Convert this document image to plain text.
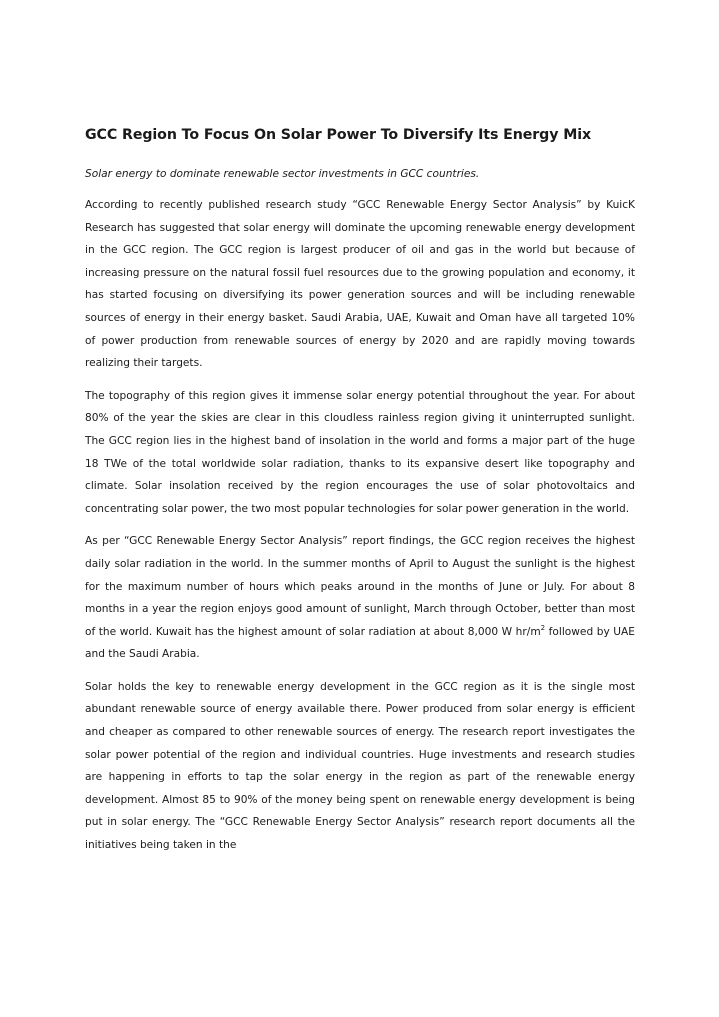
GCC Region To Focus On Solar Power To Diversify Its Energy Mix

Solar energy to dominate renewable sector investments in GCC countries.

According to recently published research study “GCC Renewable Energy Sector Analysis” by KuicK Research has suggested that solar energy will dominate the upcoming renewable energy development in the GCC region. The GCC region is largest producer of oil and gas in the world but because of increasing pressure on the natural fossil fuel resources due to the growing population and economy, it has started focusing on diversifying its power generation sources and will be including renewable sources of energy in their energy basket. Saudi Arabia, UAE, Kuwait and Oman have all targeted 10% of power production from renewable sources of energy by 2020 and are rapidly moving towards realizing their targets.

The topography of this region gives it immense solar energy potential throughout the year. For about 80% of the year the skies are clear in this cloudless rainless region giving it uninterrupted sunlight. The GCC region lies in the highest band of insolation in the world and forms a major part of the huge 18 TWe of the total worldwide solar radiation, thanks to its expansive desert like topography and climate. Solar insolation received by the region encourages the use of solar photovoltaics and concentrating solar power, the two most popular technologies for solar power generation in the world.

As per “GCC Renewable Energy Sector Analysis” report findings, the GCC region receives the highest daily solar radiation in the world. In the summer months of April to August the sunlight is the highest for the maximum number of hours which peaks around in the months of June or July. For about 8 months in a year the region enjoys good amount of sunlight, March through October, better than most of the world. Kuwait has the highest amount of solar radiation at about 8,000 W $hr/m^2$ followed by UAE and the Saudi Arabia.

Solar holds the key to renewable energy development in the GCC region as it is the single most abundant renewable source of energy available there. Power produced from solar energy is efficient and cheaper as compared to other renewable sources of energy. The research report investigates the solar power potential of the region and individual countries. Huge investments and research studies are happening in efforts to tap the solar energy in the region as part of the renewable energy development. Almost 85 to 90% of the money being spent on renewable energy development is being put in solar energy. The “GCC Renewable Energy Sector Analysis” research report documents all the initiatives being taken in the
